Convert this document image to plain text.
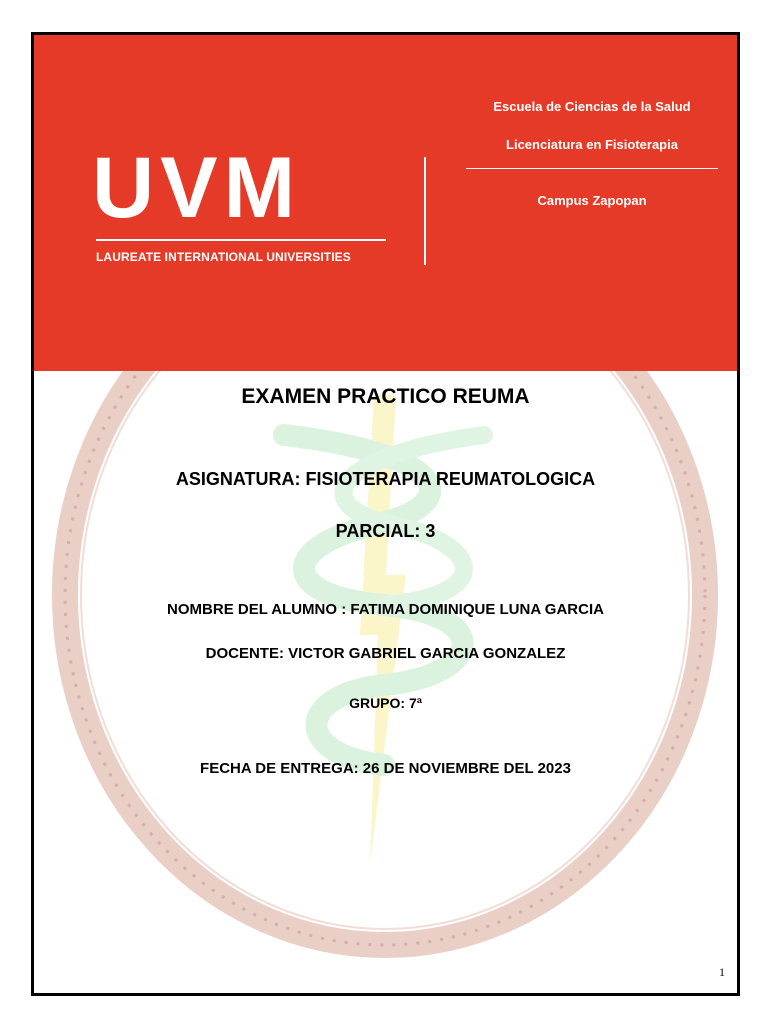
UVM
LAUREATE INTERNATIONAL UNIVERSITIES
Escuela de Ciencias de la Salud
Licenciatura en Fisioterapia
Campus Zapopan
EXAMEN PRACTICO REUMA
ASIGNATURA: FISIOTERAPIA REUMATOLOGICA
PARCIAL: 3
NOMBRE DEL ALUMNO : FATIMA DOMINIQUE LUNA GARCIA
DOCENTE: VICTOR GABRIEL GARCIA GONZALEZ
GRUPO: 7ª
FECHA DE ENTREGA: 26 DE NOVIEMBRE DEL 2023
1
